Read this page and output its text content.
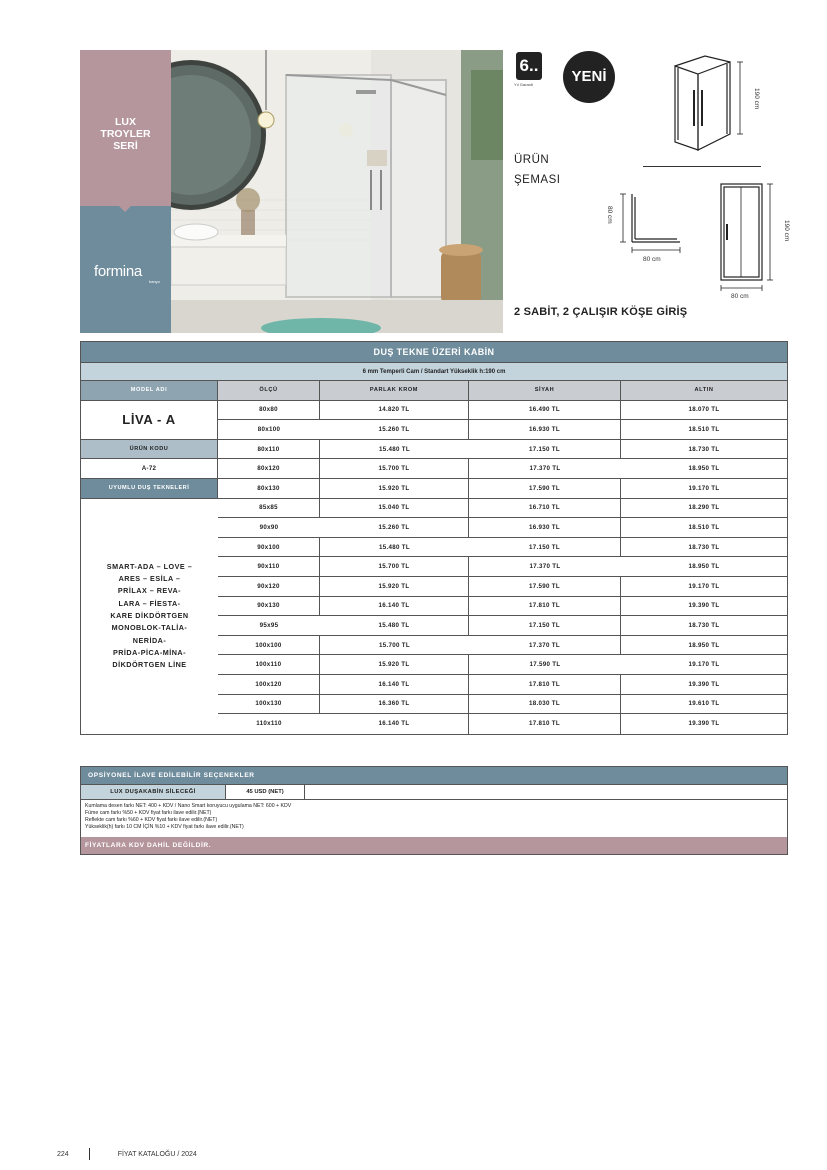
LUX
TROYLER
SERİ
formina
banyo
6..
Yıl Garanti	YENİ
ÜRÜN
ŞEMASI
190 cm
80 cm
80 cm
190 cm
80 cm
2 SABİT, 2 ÇALIŞIR KÖŞE GİRİŞ
DUŞ TEKNE ÜZERİ KABİN
6 mm Temperli Cam / Standart Yükseklik h:190 cm
MODEL ADI	ÖLÇÜ	PARLAK KROM	SİYAH	ALTIN
LİVA - A
ÜRÜN KODU
A-72
UYUMLU DUŞ TEKNELERİ
SMART-ADA – LOVE –
ARES – ESİLA –
PRİLAX – REVA-
LARA – FİESTA-
KARE DİKDÖRTGEN
MONOBLOK-TALİA-
NERİDA-
PRİDA-PİCA-MİNA-
DİKDÖRTGEN LİNE
80x80	14.820 TL	16.490 TL	18.070 TL
80x100	15.260 TL	16.930 TL	18.510 TL
80x110	15.480 TL	17.150 TL	18.730 TL
80x120	15.700 TL	17.370 TL	18.950 TL
80x130	15.920 TL	17.590 TL	19.170 TL
85x85	15.040 TL	16.710 TL	18.290 TL
90x90	15.260 TL	16.930 TL	18.510 TL
90x100	15.480 TL	17.150 TL	18.730 TL
90x110	15.700 TL	17.370 TL	18.950 TL
90x120	15.920 TL	17.590 TL	19.170 TL
90x130	16.140 TL	17.810 TL	19.390 TL
95x95	15.480 TL	17.150 TL	18.730 TL
100x100	15.700 TL	17.370 TL	18.950 TL
100x110	15.920 TL	17.590 TL	19.170 TL
100x120	16.140 TL	17.810 TL	19.390 TL
100x130	16.360 TL	18.030 TL	19.610 TL
110x110	16.140 TL	17.810 TL	19.390 TL
OPSİYONEL İLAVE EDİLEBİLİR SEÇENEKLER
LUX DUŞAKABİN SİLECEĞİ	45 USD (NET)
Kumlama desen farkı NET: 400 + KDV / Nano Smart koruyucu uygulama NET: 600 + KDV
Füme cam farkı %50 + KDV fiyat farkı ilave edilir.(NET)
Reflekte cam farkı %60 + KDV fiyat farkı ilave edilir.(NET)
Yükseklik(h) farkı 10 CM İÇİN %10 + KDV fiyat farkı ilave edilir.(NET)
FİYATLARA KDV DAHİL DEĞİLDİR.
224	FİYAT KATALOĞU / 2024
